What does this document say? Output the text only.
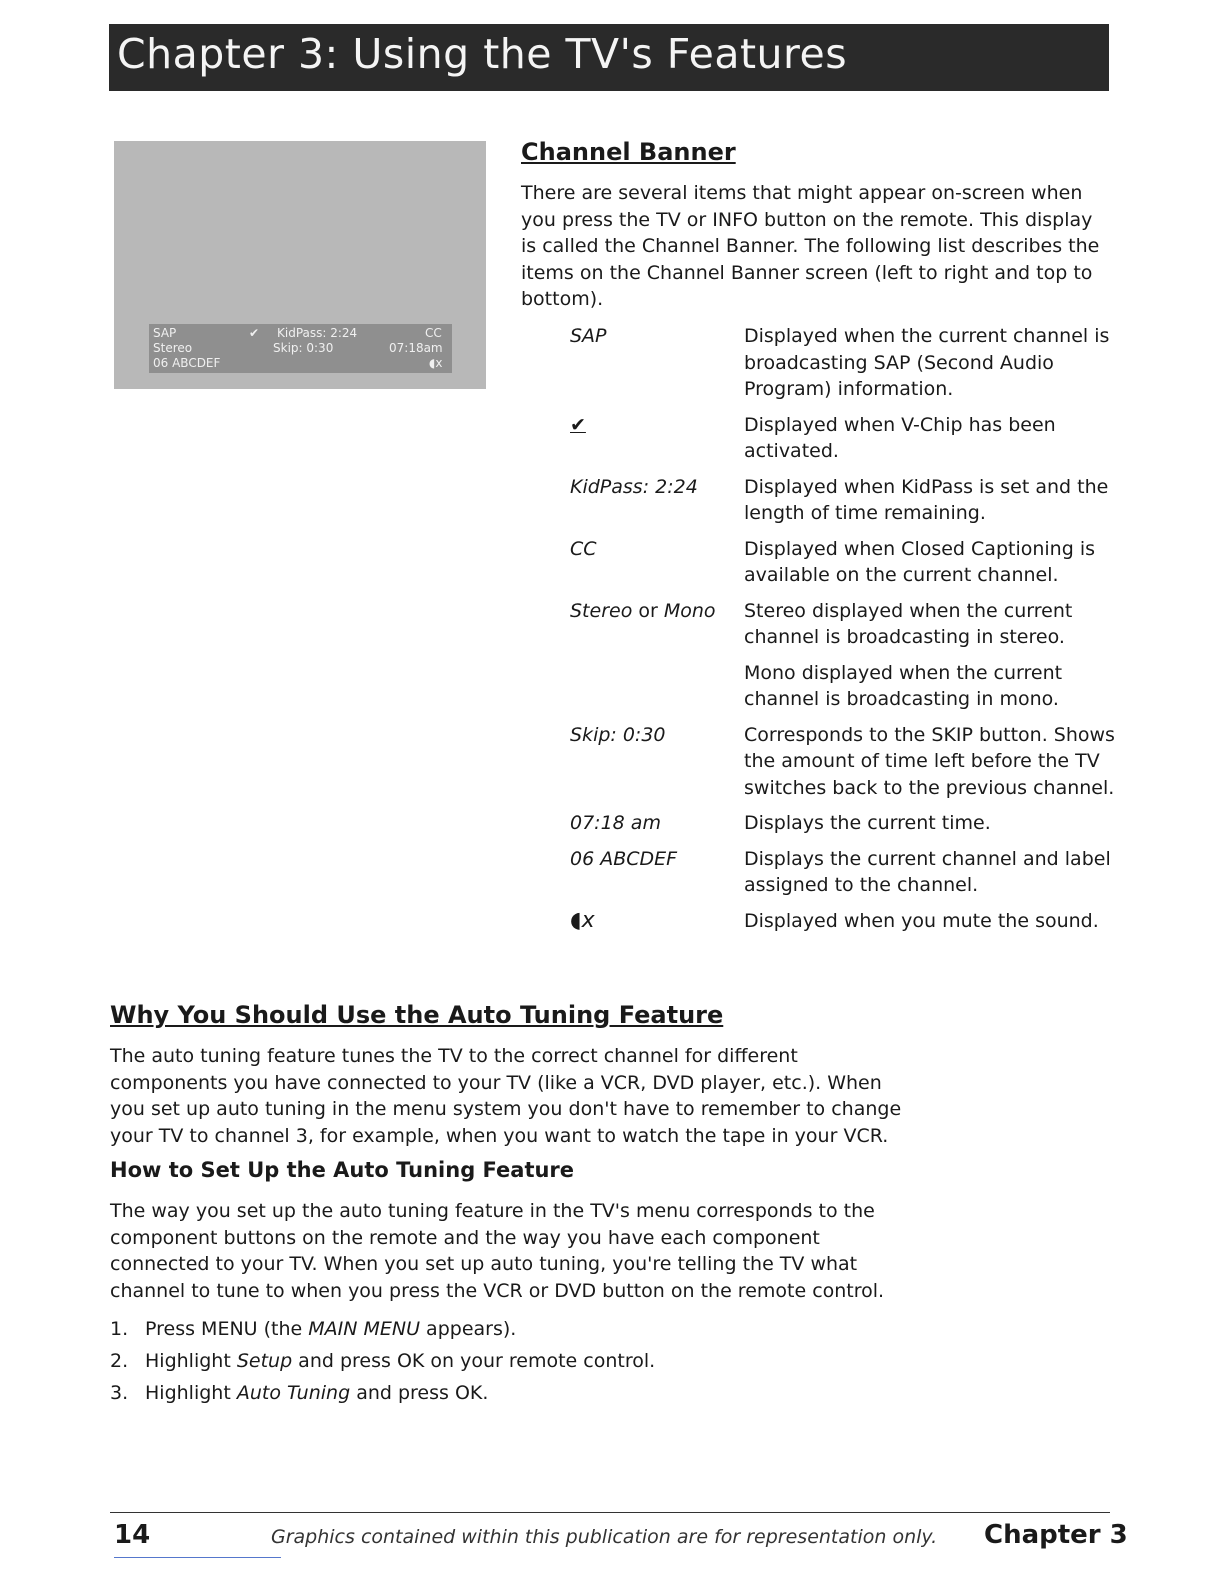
Chapter 3: Using the TV's Features
SAP
Stereo
06 ABCDEF
✔︎ KidPass: 2:24
Skip: 0:30
CC
07:18am
◖x
Channel Banner

There are several items that might appear on-screen when you press the TV or INFO button on the remote. This display is called the Channel Banner. The following list describes the items on the Channel Banner screen (left to right and top to bottom).

SAP	Displayed when the current channel is broadcasting SAP (Second Audio Program) information.
✔︎	Displayed when V-Chip has been activated.
KidPass: 2:24	Displayed when KidPass is set and the length of time remaining.
CC	Displayed when Closed Captioning is available on the current channel.
Stereo or Mono	Stereo displayed when the current channel is broadcasting in stereo.
Mono displayed when the current channel is broadcasting in mono.
Skip: 0:30	Corresponds to the SKIP button. Shows the amount of time left before the TV switches back to the previous channel.
07:18 am	Displays the current time.
06 ABCDEF	Displays the current channel and label assigned to the channel.
◖x	Displayed when you mute the sound.
Why You Should Use the Auto Tuning Feature

The auto tuning feature tunes the TV to the correct channel for different components you have connected to your TV (like a VCR, DVD player, etc.). When you set up auto tuning in the menu system you don't have to remember to change your TV to channel 3, for example, when you want to watch the tape in your VCR.

How to Set Up the Auto Tuning Feature

The way you set up the auto tuning feature in the TV's menu corresponds to the component buttons on the remote and the way you have each component connected to your TV. When you set up auto tuning, you're telling the TV what channel to tune to when you press the VCR or DVD button on the remote control.

1. Press MENU (the MAIN MENU appears).
2. Highlight Setup and press OK on your remote control.
3. Highlight Auto Tuning and press OK.
14	Graphics contained within this publication are for representation only. Chapter 3
